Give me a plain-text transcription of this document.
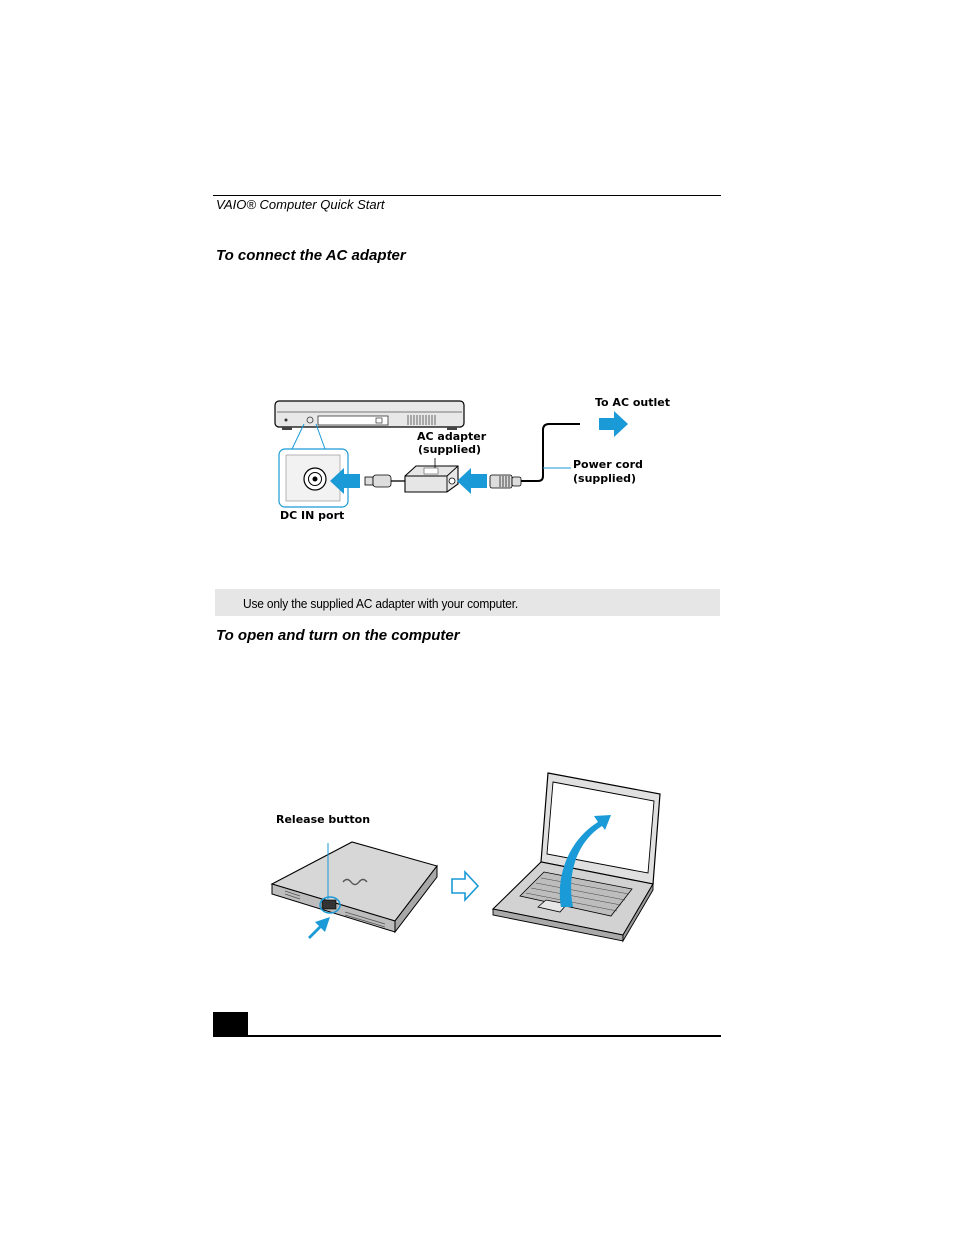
VAIO® Computer Quick Start
To connect the AC adapter
To AC outlet
AC adapter
(supplied)
Power cord
(supplied)
DC IN port
Use only the supplied AC adapter with your computer.
To open and turn on the computer
Release button
